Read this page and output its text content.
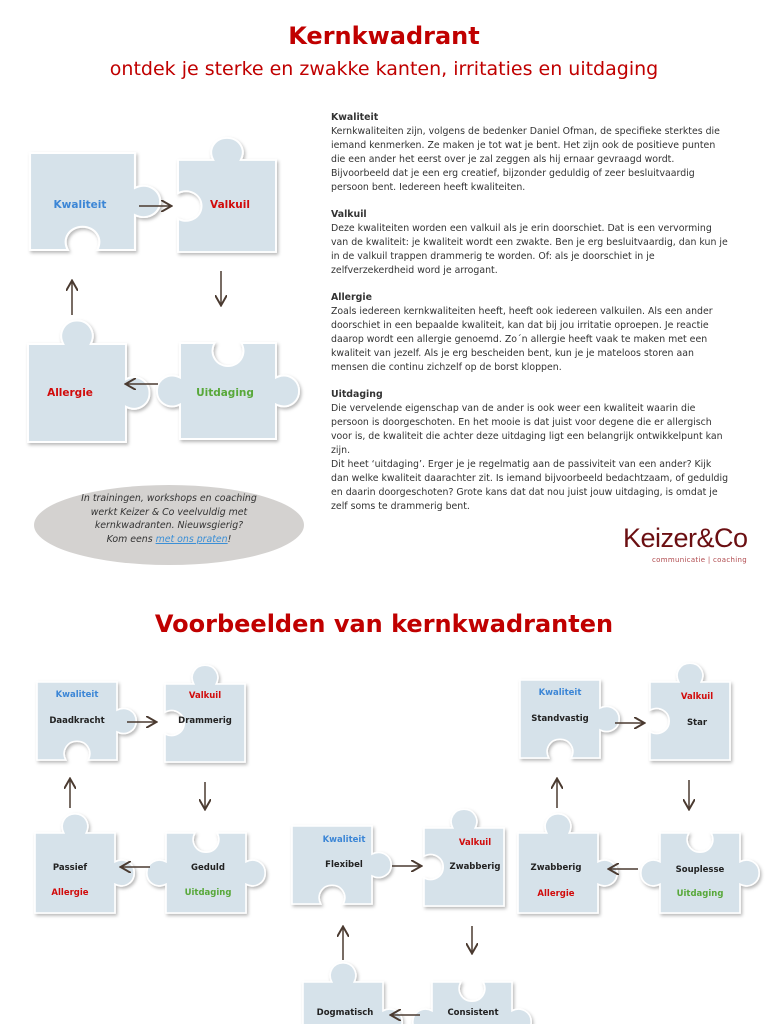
Kernkwadrant
ontdek je sterke en zwakke kanten, irritaties en uitdaging
Kwaliteit	Valkuil
Allergie	Uitdaging
Kwaliteit

Kernkwaliteiten zijn, volgens de bedenker Daniel Ofman, de specifieke sterktes die iemand kenmerken. Ze maken je tot wat je bent. Het zijn ook de positieve punten die een ander het eerst over je zal zeggen als hij ernaar gevraagd wordt. Bijvoorbeeld dat je een erg creatief, bijzonder geduldig of zeer besluitvaardig persoon bent. Iedereen heeft kwaliteiten.

Valkuil

Deze kwaliteiten worden een valkuil als je erin doorschiet. Dat is een vervorming van de kwaliteit: je kwaliteit wordt een zwakte. Ben je erg besluitvaardig, dan kun je in de valkuil trappen drammerig te worden. Of: als je doorschiet in je zelfverzekerdheid word je arrogant.

Allergie

Zoals iedereen kernkwaliteiten heeft, heeft ook iedereen valkuilen. Als een ander doorschiet in een bepaalde kwaliteit, kan dat bij jou irritatie oproepen. Je reactie daarop wordt een allergie genoemd. Zo´n allergie heeft vaak te maken met een kwaliteit van jezelf. Als je erg bescheiden bent, kun je je mateloos storen aan mensen die continu zichzelf op de borst kloppen.

Uitdaging

Die vervelende eigenschap van de ander is ook weer een kwaliteit waarin die persoon is doorgeschoten. En het mooie is dat juist voor degene die er allergisch voor is, de kwaliteit die achter deze uitdaging ligt een belangrijk ontwikkelpunt kan zijn.

Dit heet ‘uitdaging’. Erger je je regelmatig aan de passiviteit van een ander? Kijk dan welke kwaliteit daarachter zit. Is iemand bijvoorbeeld bedachtzaam, of geduldig en daarin doorgeschoten? Grote kans dat dat nou juist jouw uitdaging, is omdat je zelf soms te drammerig bent.

In trainingen, workshops en coaching
werkt Keizer & Co veelvuldig met
kernkwadranten. Nieuwsgierig?
Kom eens met ons praten!	Keizer&Co
communicatie | coaching
Voorbeelden van kernkwadranten
Kwaliteit
Daadkracht
Valkuil
Drammerig
Passief
Allergie
Geduld
Uitdaging
Kwaliteit
Flexibel
Valkuil
Zwabberig
Dogmatisch	Consistent
Kwaliteit
Standvastig
Valkuil
Star
Zwabberig
Allergie
Souplesse
Uitdaging
